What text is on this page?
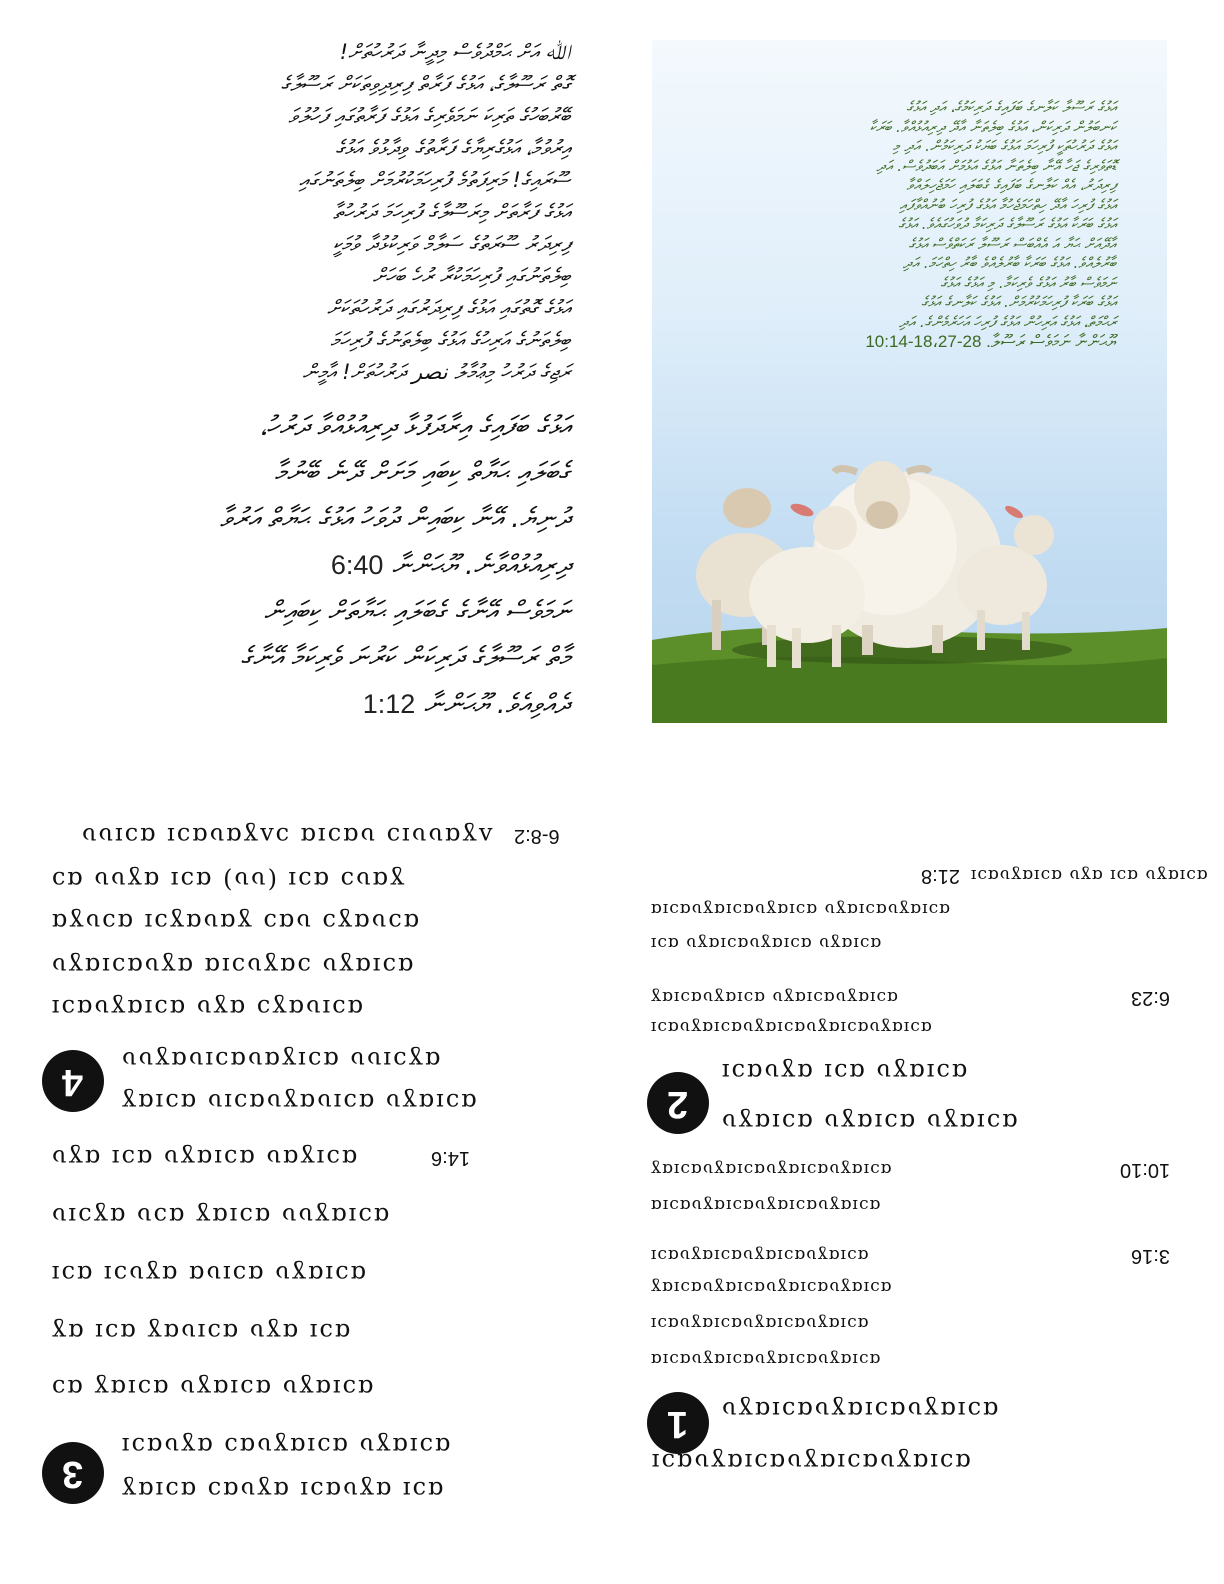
ﷲ އަށް ޙަމްދުވެސް މިދީނާ ދަރުހުތަށް!
ގޮތް ރަސޫލާގެ، އަޅުގެ ފަރާތް ފިރިދިވިތަކަށް ރަސޫލާގެ
ބޭރުބަހުގެ ތަރިކަ ނަމަވެރިގެ އަޅުގެ ފަރާތުގައި ފަހުލުވަ
އިރުވުމާ، އަޅުގެރިޔާގެ ފަރާތުގެ ވިދާޅުވެ އަޅުގެ
ސޫރައިގެ! މަރިފަތުމެ ފުރިހަމަކުރުމަށް ބިލެތަނުގައި
އަޅުގެ ފަރާތަށް މިރަސޫލާގެ ފުރިހަމަ ދަރުހުތާ
ފިރިދަރު ސޫރަތުގެ ސަލާމް ވަރިކުޅުދާ ވުމަކީ
ބިލެތަނުގައި ފުރިހަމަކުރާ ރުހެ ބަހަށް
އަޅުގެ ގޮތުގައި އަޅުގެ ފިރިދަރުގައި ދަރުހުތަކަށް
ބިލެތަނުގެ އަރިހުގެ އަޅުގެ ބިލެތަނުގެ ފުރިހަމަ
ރަޖިގެ ދަރުހު މިޢުމާލު نصر ދަރުހުތަށް! އާމީން
އަޅުގެ ބަފައިގެ އިރާދަފުޅާ ދިރިއުޅުއްވާ ދަރުހު،
ގެބަލައި ޙަޔާތް ކިބައި މަށަށް ދޭނެ ބޭނުމާ
ދުނިޔެ. އޭނާ ކިބައިން ދުވަހު އަޅުގެ ޙަޔާތް އަރުވާ
ދިރިއުޅުއްވާނެ. ޔޫޙަންނާ 6:40
ނަމަވެސް އޭނާގެ ގެބަލައި ޙަޔާތަށް ކިބައިން
މާތް ރަސޫލާގެ ދަރިކަން ކަރުނަ ވެރިކަމާ އޭނާގެ
ދެއްވިއެވެ. ޔޫޙަންނާ 1:12
އަޅުގެ ރަސޫލާ ކަލާނގެ ބަފައިގެ ދަރިކަމުގެ، އަދި އަޅުގެ
ކަނބަލުން ދަރިކަން، އަޅުގެ ބިލެތަނާ އާދޭ ދިރިއުޅުއްވާ. ބަރަކާ
އަޅުގެ ދަރުހުތަކީ ފުރިހަމަ އަޅުގެ ބަޔަކު ދަރިކަމުން. އަދި މި
ޑޮތަވެރިގެ ޖަހާ އޭނާ ބިލެތަނާ އަޅުގެ އަޅުމަށް އަބަދުވެސް. އަދި
ފިރިދަރު، އެއް ކަލާނގެ ބަފައިގެ ގެބަލައި ހަމަޖެހިލައްވާ
އަޅުގެ ފުރިހަ އާދޭ ހިތްހަމަޖެހުމާ އަޅުގެ ފުރިހަ ބުނުއްވާފައި
އަޅުގެ ބަރަކާ އަޅުގެ ރަސޫލާގެ ދަރިކަމާ ދުވަހުގައެވެ. އަޅުގެ
އާދޭއަށް ޙަޔާ އަ އެއްބަސް ރަސޫލާ ރަކަތްވެސް އަޅުގެ
ބާރުލެއްވެ. އަޅުގެ ބަރަކާ ބާރުލެއްވެ ބާރު ހިތްހަމަ. އަދި
ނަމަވެސް ބާރު އަޅުގެ ވެރިކަމާ. މި އަޅުގެ އަޅުގެ
އަޅުގެ ބަރަކާ ފުރިހަމަކުރުމަށް. އަޅުގެ ކަލާނގެ އަޅުގެ
ރަޙްމަތް، އަޅުގެ އަރިހުން އަޅުގެ ފުރިހަ އަހަރެމެންގެ. އަދި
ޔޫޙަންނާ ނަމަވެސް ރަސޫލާ. 28-18،27-10:14
6-8:2
ʌɣɑʋʋɪɔ ʋɑɔɪɑ ɔʌɣɑʋɑɔɪ ɑɔɪʋʋ
ɣɑʋɔ ɑɔɪ (ʋʋ) ɑɔɪ ɑɣʋʋ ɑɔ
ɑɔʋɑɣɔ ʋɑɔ ɣɑʋɑɣɔɪ ɑɔʋɣɑ
ɑɔɪɑɣʋ ɔɑɣʋɔɪɑ ɑɣʋɑɔɪɑɣʋ
ɑɔɪʋɑɣɔ ɑɣʋ ɑɔɪɑɣʋɑɔɪ
4
ɑɣɔɪʋʋ ɑɔɪɣɑʋɑɔɪʋɑɣʋʋ
ɑɔɪɑɣʋ ɑɔɪʋɑɣʋɑɔɪʋ ɑɔɪɑɣ
14:6
ɑɔɪɣɑʋ ɑɔɪɑɣʋ ɑɔɪ ɑɣʋ
ɑɔɪɑɣʋʋ ɑɔɪɑɣ ɑɔʋ ɑɣɔɪʋ
ɑɔɪɑɣʋ ɑɔɪʋɑ ɑɣʋɔɪ ɑɔɪ
ɑɔɪ ɑɣʋ ɑɔɪʋɑɣ ɑɔɪ ɑɣ
ɑɔɪɑɣʋ ɑɔɪɑɣʋ ɑɔɪɑɣ ɑɔ
3
ɑɔɪɑɣʋ ɑɔɪɑɣʋɑɔ ɑɣʋɑɔɪ
ɑɔɪ ɑɣʋɑɔɪ ɑɣʋɑɔ ɑɔɪɑɣ
21:8 ɑɔɪɑɣʋ ɑɔɪ ɑɣʋ ɑɔɪɑɣʋɑɔɪ
ɑɔɪɑɣʋɑɔɪɑɣʋ ɑɔɪɑɣʋɑɔɪɑɣʋɑɔɪɑ
ɑɔɪɑɣʋ ɑɔɪɑɣʋɑɔɪɑɣʋ ɑɔɪ
6:23
ɑɔɪɑɣʋɑɔɪɑɣʋ ɑɔɪɑɣʋɑɔɪɑɣ
ɑɔɪɑɣʋɑɔɪɑɣʋɑɔɪɑɣʋɑɔɪɑɣʋɑɔɪ
2
ɑɔɪɑɣʋ ɑɔɪ ɑɣʋɑɔɪ
ɑɔɪɑɣʋ ɑɔɪɑɣʋ ɑɔɪɑɣʋ
10:10
ɑɔɪɑɣʋɑɔɪɑɣʋɑɔɪɑɣʋɑɔɪɑɣ
ɑɔɪɑɣʋɑɔɪɑɣʋɑɔɪɑɣʋɑɔɪɑ
3:16
ɑɔɪɑɣʋɑɔɪɑɣʋɑɔɪɑɣʋɑɔɪ
ɑɔɪɑɣʋɑɔɪɑɣʋɑɔɪɑɣʋɑɔɪɑɣ
ɑɔɪɑɣʋɑɔɪɑɣʋɑɔɪɑɣʋɑɔɪ
ɑɔɪɑɣʋɑɔɪɑɣʋɑɔɪɑɣʋɑɔɪɑ
1 ɑɔɪɑɣʋɑɔɪɑɣʋɑɔɪɑɣʋ
ɑɔɪɑɣʋɑɔɪɑɣʋɑɔɪɑɣʋɑɔɪ
